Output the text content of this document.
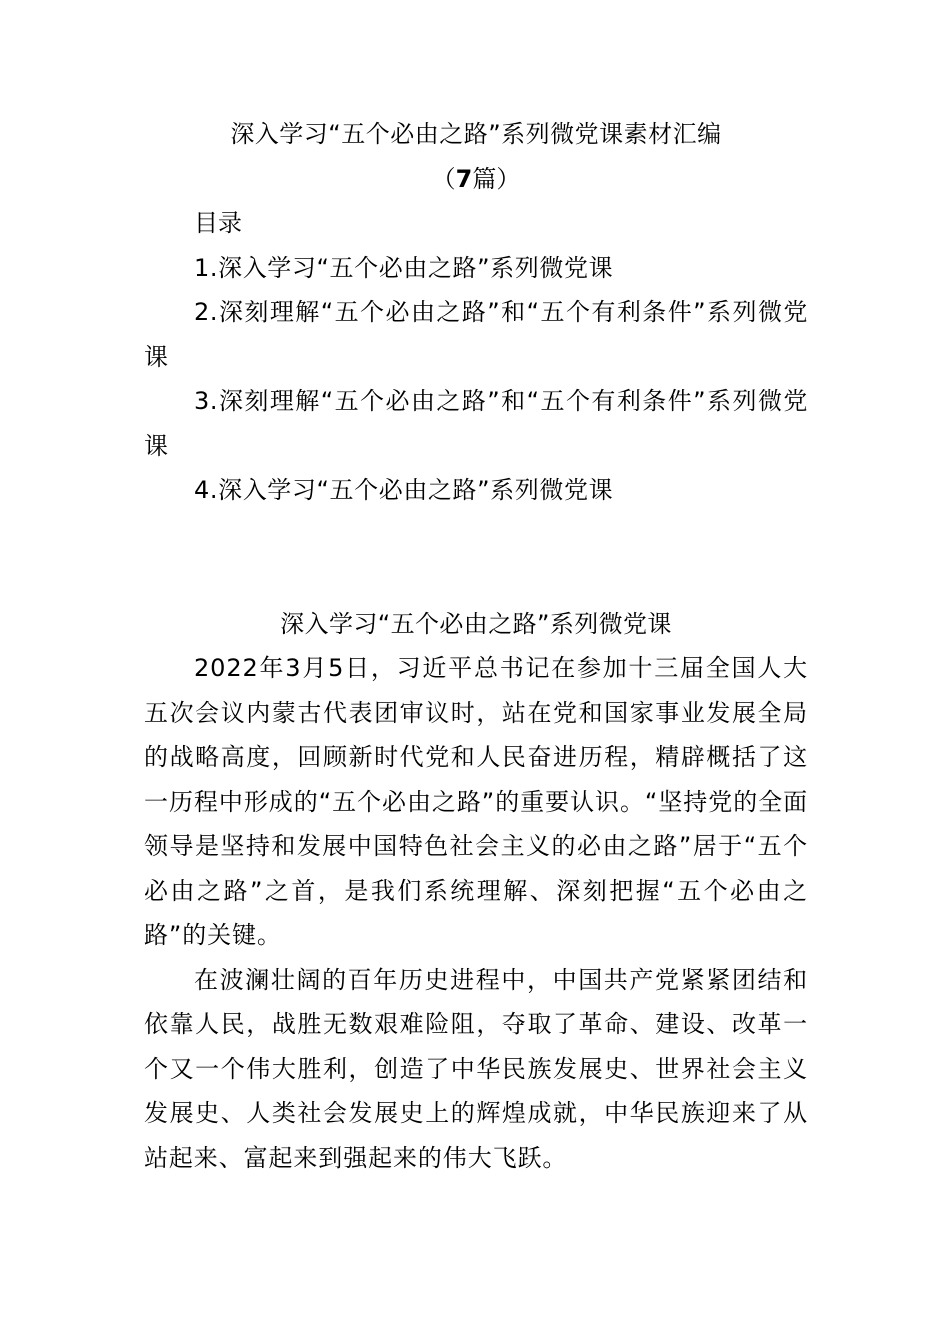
深入学习“五个必由之路”系列微党课素材汇编

（7篇）

目录

1.深入学习“五个必由之路”系列微党课

2.深刻理解“五个必由之路”和“五个有利条件”系列微党课

3.深刻理解“五个必由之路”和“五个有利条件”系列微党课

4.深入学习“五个必由之路”系列微党课

深入学习“五个必由之路”系列微党课

2022年3月5日，习近平总书记在参加十三届全国人大五次会议内蒙古代表团审议时，站在党和国家事业发展全局的战略高度，回顾新时代党和人民奋进历程，精辟概括了这一历程中形成的“五个必由之路”的重要认识。“坚持党的全面领导是坚持和发展中国特色社会主义的必由之路”居于“五个必由之路”之首，是我们系统理解、深刻把握“五个必由之路”的关键。

在波澜壮阔的百年历史进程中，中国共产党紧紧团结和依靠人民，战胜无数艰难险阻，夺取了革命、建设、改革一个又一个伟大胜利，创造了中华民族发展史、世界社会主义发展史、人类社会发展史上的辉煌成就，中华民族迎来了从站起来、富起来到强起来的伟大飞跃。
